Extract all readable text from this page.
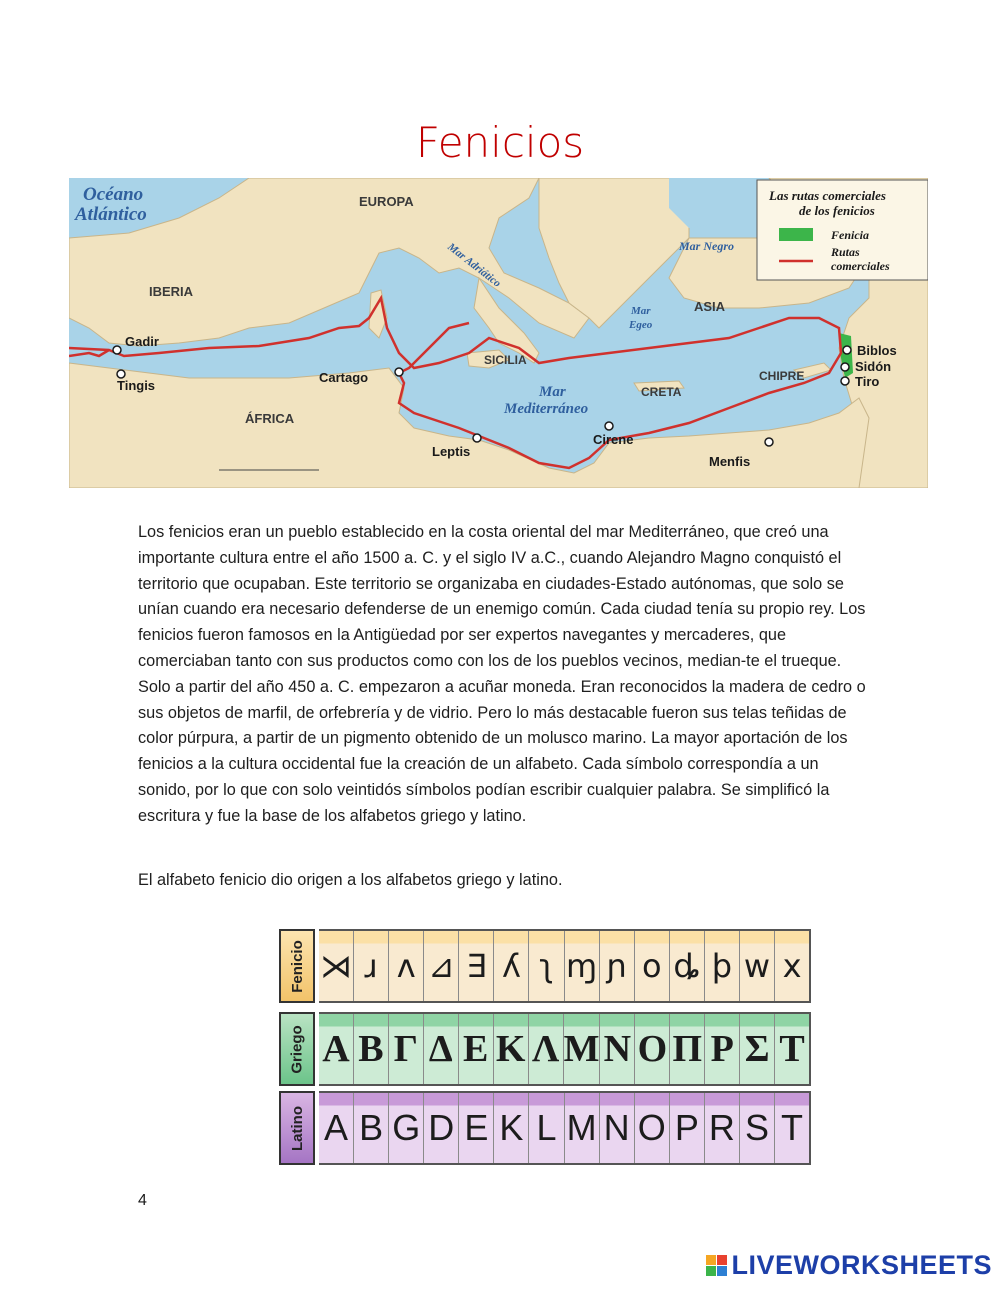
Fenicios
Océano
Atlántico
EUROPA
IBERIA
ÁFRICA
ASIA
SICILIA
CRETA
CHIPRE
Mar Negro
Mar Adriático
Mar
Egeo
Mar
Mediterráneo
Gadir
Tingis
Cartago
Leptis
Cirene
Menfis
Biblos
Sidón
Tiro
Las rutas comerciales
de los fenicios
Fenicia
Rutas
comerciales

Los fenicios eran un pueblo establecido en la costa oriental del mar Mediterráneo, que creó una importante cultura entre el año 1500 a. C. y el siglo IV a.C., cuando Alejandro Magno conquistó el territorio que ocupaban. Este territorio se organizaba en ciudades-Estado autónomas, que solo se unían cuando era necesario defenderse de un enemigo común. Cada ciudad tenía su propio rey. Los fenicios fueron famosos en la Antigüedad por ser expertos navegantes y mercaderes, que comerciaban tanto con sus productos como con los de los pueblos vecinos, median-te el trueque. Solo a partir del año 450 a. C. empezaron a acuñar moneda. Eran reconocidos la madera de cedro o sus objetos de marfil, de orfebrería y de vidrio. Pero lo más destacable fueron sus telas teñidas de color púrpura, a partir de un pigmento obtenido de un molusco marino. La mayor aportación de los fenicios a la cultura occidental fue la creación de un alfabeto. Cada símbolo correspondía a un sonido, por lo que con solo veintidós símbolos podían escribir cualquier palabra. Se simplificó la escritura y fue la base de los alfabetos griego y latino.

El alfabeto fenicio dio origen a los alfabetos griego y latino.

Fenicio ⋊ ɹ ʌ ⊿ ∃ ʎ ʅ ɱ ɲ o ȡ ϸ w x
Griego Α Β Γ Δ Ε Κ Λ Μ Ν Ο Π Ρ Σ Τ
Latino A B G D E K L M N O P R S T
4
LIVEWORKSHEETS
